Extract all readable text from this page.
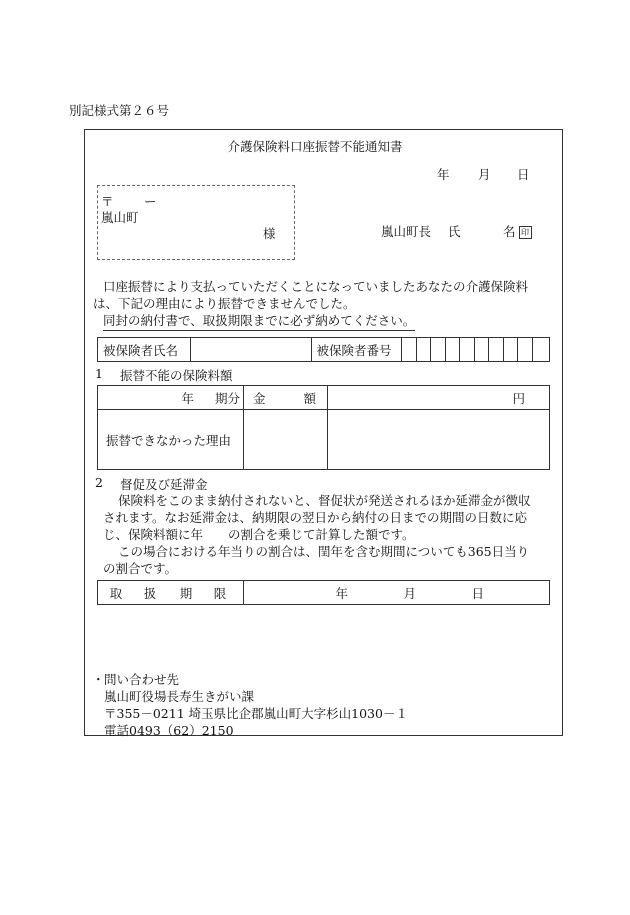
別記様式第２６号
介護保険料口座振替不能通知書
年 月 日
〒 ー
嵐山町
様	嵐山町長 氏	名 印
口座振替により支払っていただくことになっていましたあなたの介護保険料
は、下記の理由により振替できませんでした。
同封の納付書で、取扱期限までに必ず納めてください。
被保険者氏名		被保険者番号										
1 振替不能の保険料額
年 期分	金 額	円
振替できなかった理由		
2 督促及び延滞金
保険料をこのまま納付されないと、督促状が発送されるほか延滞金が徴収
されます。なお延滞金は、納期限の翌日から納付の日までの期間の日数に応
じ、保険料額に年　　の割合を乗じて計算した額です。
この場合における年当りの割合は、閏年を含む期間についても365日当り
の割合です。
取 扱 期 限	年	月	日
・ 問い合わせ先
嵐山町役場長寿生きがい課
〒355－0211 埼玉県比企郡嵐山町大字杉山1030－１
電話0493（62）2150
